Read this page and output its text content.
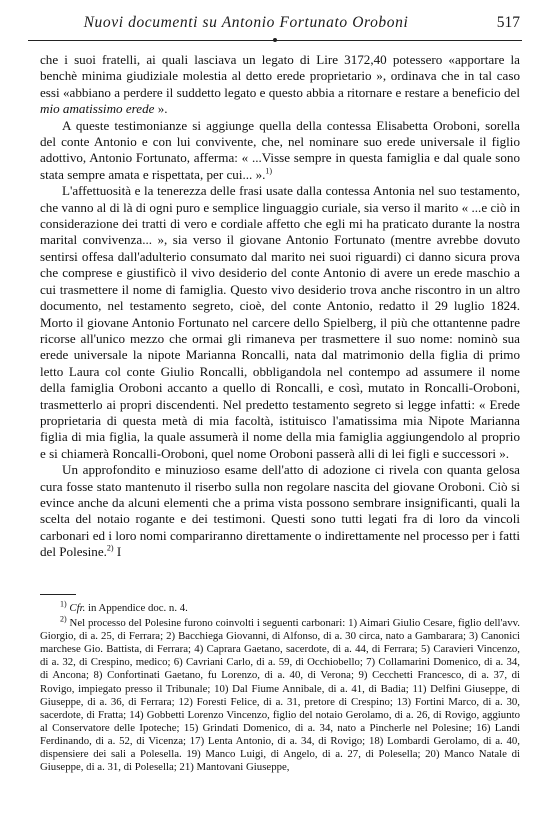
Nuovi documenti su Antonio Fortunato Oroboni	517

che i suoi fratelli, ai quali lasciava un legato di Lire 3172,40 potessero «apportare la benchè minima giudiziale molestia al detto erede proprietario », ordinava che in tal caso essi «abbiano a perdere il suddetto legato e questo abbia a ritornare e restare a beneficio del mio amatissimo erede ».

A queste testimonianze si aggiunge quella della contessa Elisabetta Oroboni, sorella del conte Antonio e con lui convivente, che, nel nominare suo erede universale il figlio adottivo, Antonio Fortunato, afferma: « ...Visse sempre in questa famiglia e dal quale sono stata sempre amata e rispettata, per cui... ».$^{1)}$

L'affettuosità e la tenerezza delle frasi usate dalla contessa Antonia nel suo testamento, che vanno al di là di ogni puro e semplice linguaggio curiale, sia verso il marito « ...e ciò in considerazione dei tratti di vero e cordiale affetto che egli mi ha praticato durante la nostra marital convivenza... », sia verso il giovane Antonio Fortunato (mentre avrebbe dovuto sentirsi offesa dall'adulterio consumato dal marito nei suoi riguardi) ci danno sicura prova che comprese e giustificò il vivo desiderio del conte Antonio di avere un erede maschio a cui trasmettere il nome di famiglia. Questo vivo desiderio trova anche riscontro in un altro documento, nel testamento segreto, cioè, del conte Antonio, redatto il 29 luglio 1824. Morto il giovane Antonio Fortunato nel carcere dello Spielberg, il più che ottantenne padre ricorse all'unico mezzo che ormai gli rimaneva per trasmettere il suo nome: nominò sua erede universale la nipote Marianna Roncalli, nata dal matrimonio della figlia di primo letto Laura col conte Giulio Roncalli, obbligandola nel contempo ad assumere il nome della famiglia Oroboni accanto a quello di Roncalli, e così, mutato in Roncalli-Oroboni, trasmetterlo ai propri discendenti. Nel predetto testamento segreto si legge infatti: « Erede proprietaria di questa metà di mia facoltà, istituisco l'amatissima mia Nipote Marianna figlia di mia figlia, la quale assumerà il nome della mia famiglia aggiungendolo al proprio e si chiamerà Roncalli-Oroboni, quel nome Oroboni passerà alli di lei figli e successori ».

Un approfondito e minuzioso esame dell'atto di adozione ci rivela con quanta gelosa cura fosse stato mantenuto il riserbo sulla non regolare nascita del giovane Oroboni. Ciò si evince anche da alcuni elementi che a prima vista possono sembrare insignificanti, quali la scelta del notaio rogante e dei testimoni. Questi sono tutti legati fra di loro da vincoli carbonari ed i loro nomi compariranno direttamente o indirettamente nel processo per i fatti del Polesine.$^{2)}$ I

$^{1)}$ Cfr. in Appendice doc. n. 4.

$^{2)}$ Nel processo del Polesine furono coinvolti i seguenti carbonari: 1) Aimari Giulio Cesare, figlio dell'avv. Giorgio, di a. 25, di Ferrara; 2) Bacchiega Giovanni, di Alfonso, di a. 30 circa, nato a Gambarara; 3) Canonici marchese Gio. Battista, di Ferrara; 4) Caprara Gaetano, sacerdote, di a. 44, di Ferrara; 5) Caravieri Vincenzo, di a. 32, di Crespino, medico; 6) Cavriani Carlo, di a. 59, di Occhiobello; 7) Collamarini Domenico, di a. 34, di Ancona; 8) Confortinati Gaetano, fu Lorenzo, di a. 40, di Verona; 9) Cecchetti Francesco, di a. 37, di Rovigo, impiegato presso il Tribunale; 10) Dal Fiume Annibale, di a. 41, di Badia; 11) Delfini Giuseppe, di Giuseppe, di a. 36, di Ferrara; 12) Foresti Felice, di a. 31, pretore di Crespino; 13) Fortini Marco, di a. 30, sacerdote, di Fratta; 14) Gobbetti Lorenzo Vincenzo, figlio del notaio Gerolamo, di a. 26, di Rovigo, aggiunto al Conservatore delle Ipoteche; 15) Grindati Domenico, di a. 34, nato a Pincherle nel Polesine; 16) Landi Ferdinando, di a. 52, di Vicenza; 17) Lenta Antonio, di a. 34, di Rovigo; 18) Lombardi Gerolamo, di a. 40, dispensiere dei sali a Polesella. 19) Manco Luigi, di Angelo, di a. 27, di Polesella; 20) Manco Natale di Giuseppe, di a. 31, di Polesella; 21) Mantovani Giuseppe,
